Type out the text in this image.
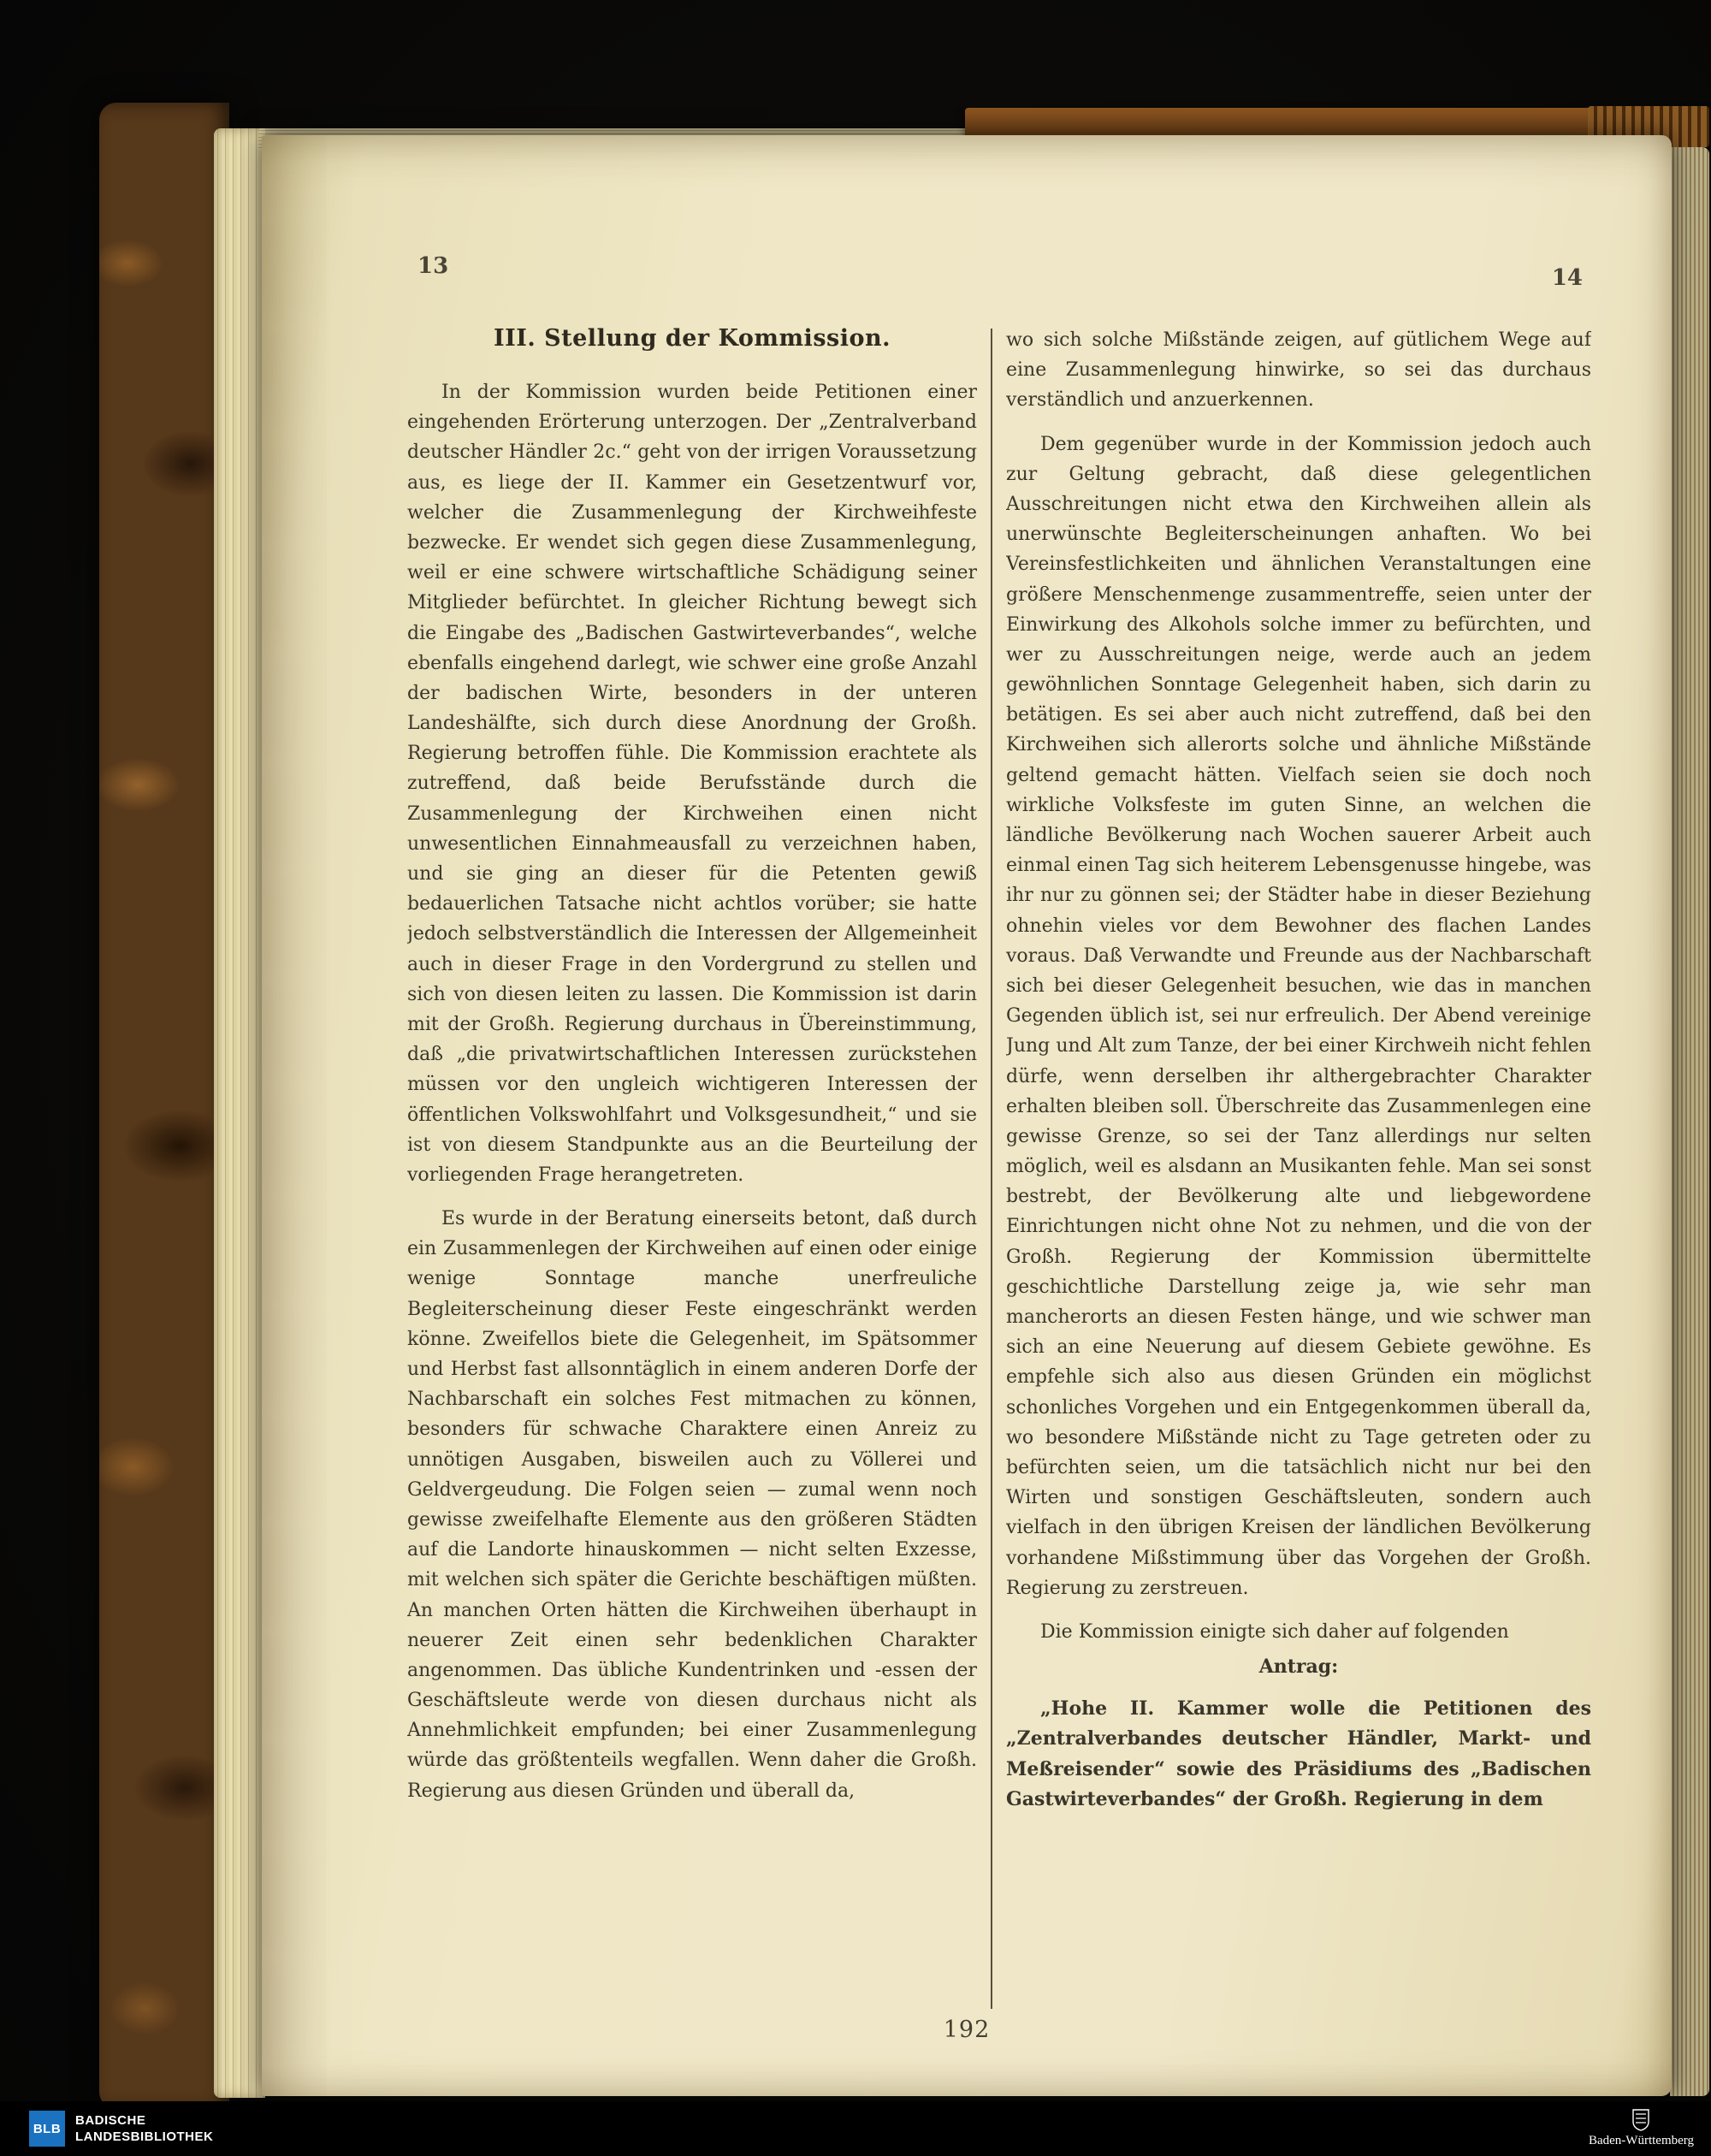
13	14
III. Stellung der Kommission.

In der Kommission wurden beide Petitionen einer eingehenden Erörterung unterzogen. Der „Zentralverband deutscher Händler 2c.“ geht von der irrigen Voraussetzung aus, es liege der II. Kammer ein Gesetzentwurf vor, welcher die Zusammenlegung der Kirchweihfeste bezwecke. Er wendet sich gegen diese Zusammenlegung, weil er eine schwere wirtschaftliche Schädigung seiner Mitglieder befürchtet. In gleicher Richtung bewegt sich die Eingabe des „Badischen Gastwirteverbandes“, welche ebenfalls eingehend darlegt, wie schwer eine große Anzahl der badischen Wirte, besonders in der unteren Landeshälfte, sich durch diese Anordnung der Großh. Regierung betroffen fühle. Die Kommission erachtete als zutreffend, daß beide Berufsstände durch die Zusammenlegung der Kirchweihen einen nicht unwesentlichen Einnahmeausfall zu verzeichnen haben, und sie ging an dieser für die Petenten gewiß bedauerlichen Tatsache nicht achtlos vorüber; sie hatte jedoch selbstverständlich die Interessen der Allgemeinheit auch in dieser Frage in den Vordergrund zu stellen und sich von diesen leiten zu lassen. Die Kommission ist darin mit der Großh. Regierung durchaus in Übereinstimmung, daß „die privatwirtschaftlichen Interessen zurückstehen müssen vor den ungleich wichtigeren Interessen der öffentlichen Volkswohlfahrt und Volksgesundheit,“ und sie ist von diesem Standpunkte aus an die Beurteilung der vorliegenden Frage herangetreten.

Es wurde in der Beratung einerseits betont, daß durch ein Zusammenlegen der Kirchweihen auf einen oder einige wenige Sonntage manche unerfreuliche Begleiterscheinung dieser Feste eingeschränkt werden könne. Zweifellos biete die Gelegenheit, im Spätsommer und Herbst fast allsonntäglich in einem anderen Dorfe der Nachbarschaft ein solches Fest mitmachen zu können, besonders für schwache Charaktere einen Anreiz zu unnötigen Ausgaben, bisweilen auch zu Völlerei und Geldvergeudung. Die Folgen seien — zumal wenn noch gewisse zweifelhafte Elemente aus den größeren Städten auf die Landorte hinauskommen — nicht selten Exzesse, mit welchen sich später die Gerichte beschäftigen müßten. An manchen Orten hätten die Kirchweihen überhaupt in neuerer Zeit einen sehr bedenklichen Charakter angenommen. Das übliche Kundentrinken und -essen der Geschäftsleute werde von diesen durchaus nicht als Annehmlichkeit empfunden; bei einer Zusammenlegung würde das größtenteils wegfallen. Wenn daher die Großh. Regierung aus diesen Gründen und überall da,

wo sich solche Mißstände zeigen, auf gütlichem Wege auf eine Zusammenlegung hinwirke, so sei das durchaus verständlich und anzuerkennen.

Dem gegenüber wurde in der Kommission jedoch auch zur Geltung gebracht, daß diese gelegentlichen Ausschreitungen nicht etwa den Kirchweihen allein als unerwünschte Begleiterscheinungen anhaften. Wo bei Vereinsfestlichkeiten und ähnlichen Veranstaltungen eine größere Menschenmenge zusammentreffe, seien unter der Einwirkung des Alkohols solche immer zu befürchten, und wer zu Ausschreitungen neige, werde auch an jedem gewöhnlichen Sonntage Gelegenheit haben, sich darin zu betätigen. Es sei aber auch nicht zutreffend, daß bei den Kirchweihen sich allerorts solche und ähnliche Mißstände geltend gemacht hätten. Vielfach seien sie doch noch wirkliche Volksfeste im guten Sinne, an welchen die ländliche Bevölkerung nach Wochen sauerer Arbeit auch einmal einen Tag sich heiterem Lebensgenusse hingebe, was ihr nur zu gönnen sei; der Städter habe in dieser Beziehung ohnehin vieles vor dem Bewohner des flachen Landes voraus. Daß Verwandte und Freunde aus der Nachbarschaft sich bei dieser Gelegenheit besuchen, wie das in manchen Gegenden üblich ist, sei nur erfreulich. Der Abend vereinige Jung und Alt zum Tanze, der bei einer Kirchweih nicht fehlen dürfe, wenn derselben ihr althergebrachter Charakter erhalten bleiben soll. Überschreite das Zusammenlegen eine gewisse Grenze, so sei der Tanz allerdings nur selten möglich, weil es alsdann an Musikanten fehle. Man sei sonst bestrebt, der Bevölkerung alte und liebgewordene Einrichtungen nicht ohne Not zu nehmen, und die von der Großh. Regierung der Kommission übermittelte geschichtliche Darstellung zeige ja, wie sehr man mancherorts an diesen Festen hänge, und wie schwer man sich an eine Neuerung auf diesem Gebiete gewöhne. Es empfehle sich also aus diesen Gründen ein möglichst schonliches Vorgehen und ein Entgegenkommen überall da, wo besondere Mißstände nicht zu Tage getreten oder zu befürchten seien, um die tatsächlich nicht nur bei den Wirten und sonstigen Geschäftsleuten, sondern auch vielfach in den übrigen Kreisen der ländlichen Bevölkerung vorhandene Mißstimmung über das Vorgehen der Großh. Regierung zu zerstreuen.

Die Kommission einigte sich daher auf folgenden

Antrag:

„Hohe II. Kammer wolle die Petitionen des „Zentralverbandes deutscher Händler, Markt- und Meßreisender“ sowie des Präsidiums des „Badischen Gastwirteverbandes“ der Großh. Regierung in dem

192
BLB
BADISCHE
LANDESBIBLIOTHEK	Baden-Württemberg
